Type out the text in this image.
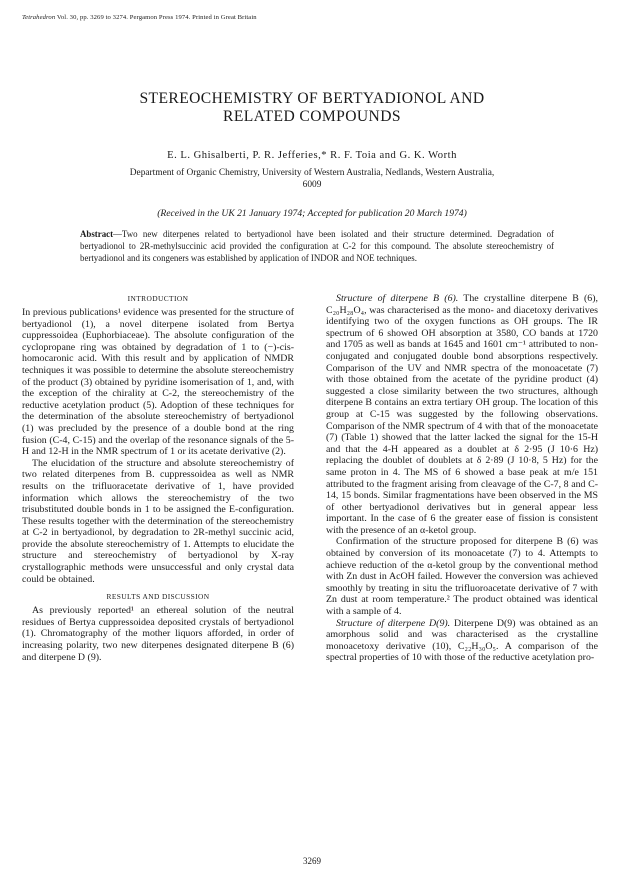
Tetrahedron Vol. 30, pp. 3269 to 3274. Pergamon Press 1974. Printed in Great Britain
STEREOCHEMISTRY OF BERTYADIONOL AND
RELATED COMPOUNDS
E. L. Ghisalberti, P. R. Jefferies,* R. F. Toia and G. K. Worth
Department of Organic Chemistry, University of Western Australia, Nedlands, Western Australia,
6009
(Received in the UK 21 January 1974; Accepted for publication 20 March 1974)
Abstract—Two new diterpenes related to bertyadionol have been isolated and their structure determined. Degradation of bertyadionol to 2R-methylsuccinic acid provided the configuration at C-2 for this compound. The absolute stereochemistry of bertyadionol and its congeners was established by application of INDOR and NOE techniques.
INTRODUCTION

In previous publications¹ evidence was presented for the structure of bertyadionol (1), a novel diterpene isolated from Bertya cuppressoidea (Euphorbiaceae). The absolute configuration of the cyclopropane ring was obtained by degradation of 1 to (−)-cis-homocaronic acid. With this result and by application of NMDR techniques it was possible to determine the absolute stereochemistry of the product (3) obtained by pyridine isomerisation of 1, and, with the exception of the chirality at C-2, the stereochemistry of the reductive acetylation product (5). Adoption of these techniques for the determination of the absolute stereochemistry of bertyadionol (1) was precluded by the presence of a double bond at the ring fusion (C-4, C-15) and the overlap of the resonance signals of the 5-H and 12-H in the NMR spectrum of 1 or its acetate derivative (2).

The elucidation of the structure and absolute stereochemistry of two related diterpenes from B. cuppressoidea as well as NMR results on the trifluoracetate derivative of 1, have provided information which allows the stereochemistry of the two trisubstituted double bonds in 1 to be assigned the E-configuration. These results together with the determination of the stereochemistry at C-2 in bertyadionol, by degradation to 2R-methyl succinic acid, provide the absolute stereochemistry of 1. Attempts to elucidate the structure and stereochemistry of bertyadionol by X-ray crystallographic methods were unsuccessful and only crystal data could be obtained.

RESULTS AND DISCUSSION

As previously reported¹ an ethereal solution of the neutral residues of Bertya cuppressoidea deposited crystals of bertyadionol (1). Chromatography of the mother liquors afforded, in order of increasing polarity, two new diterpenes designated diterpene B (6) and diterpene D (9).

Structure of diterpene B (6). The crystalline diterpene B (6), C₂₀H₂₈O₄, was characterised as the mono- and diacetoxy derivatives identifying two of the oxygen functions as OH groups. The IR spectrum of 6 showed OH absorption at 3580, CO bands at 1720 and 1705 as well as bands at 1645 and 1601 cm⁻¹ attributed to non-conjugated and conjugated double bond absorptions respectively. Comparison of the UV and NMR spectra of the monoacetate (7) with those obtained from the acetate of the pyridine product (4) suggested a close similarity between the two structures, although diterpene B contains an extra tertiary OH group. The location of this group at C-15 was suggested by the following observations. Comparison of the NMR spectrum of 4 with that of the monoacetate (7) (Table 1) showed that the latter lacked the signal for the 15-H and that the 4-H appeared as a doublet at δ 2·95 (J 10·6 Hz) replacing the doublet of doublets at δ 2·89 (J 10·8, 5 Hz) for the same proton in 4. The MS of 6 showed a base peak at m/e 151 attributed to the fragment arising from cleavage of the C-7, 8 and C-14, 15 bonds. Similar fragmentations have been observed in the MS of other bertyadionol derivatives but in general appear less important. In the case of 6 the greater ease of fission is consistent with the presence of an α-ketol group.

Confirmation of the structure proposed for diterpene B (6) was obtained by conversion of its monoacetate (7) to 4. Attempts to achieve reduction of the α-ketol group by the conventional method with Zn dust in AcOH failed. However the conversion was achieved smoothly by treating in situ the trifluoroacetate derivative of 7 with Zn dust at room temperature.² The product obtained was identical with a sample of 4.

Structure of diterpene D(9). Diterpene D(9) was obtained as an amorphous solid and was characterised as the crystalline monoacetoxy derivative (10), C₂₂H₃₀O₅. A comparison of the spectral properties of 10 with those of the reductive acetylation pro-

3269
